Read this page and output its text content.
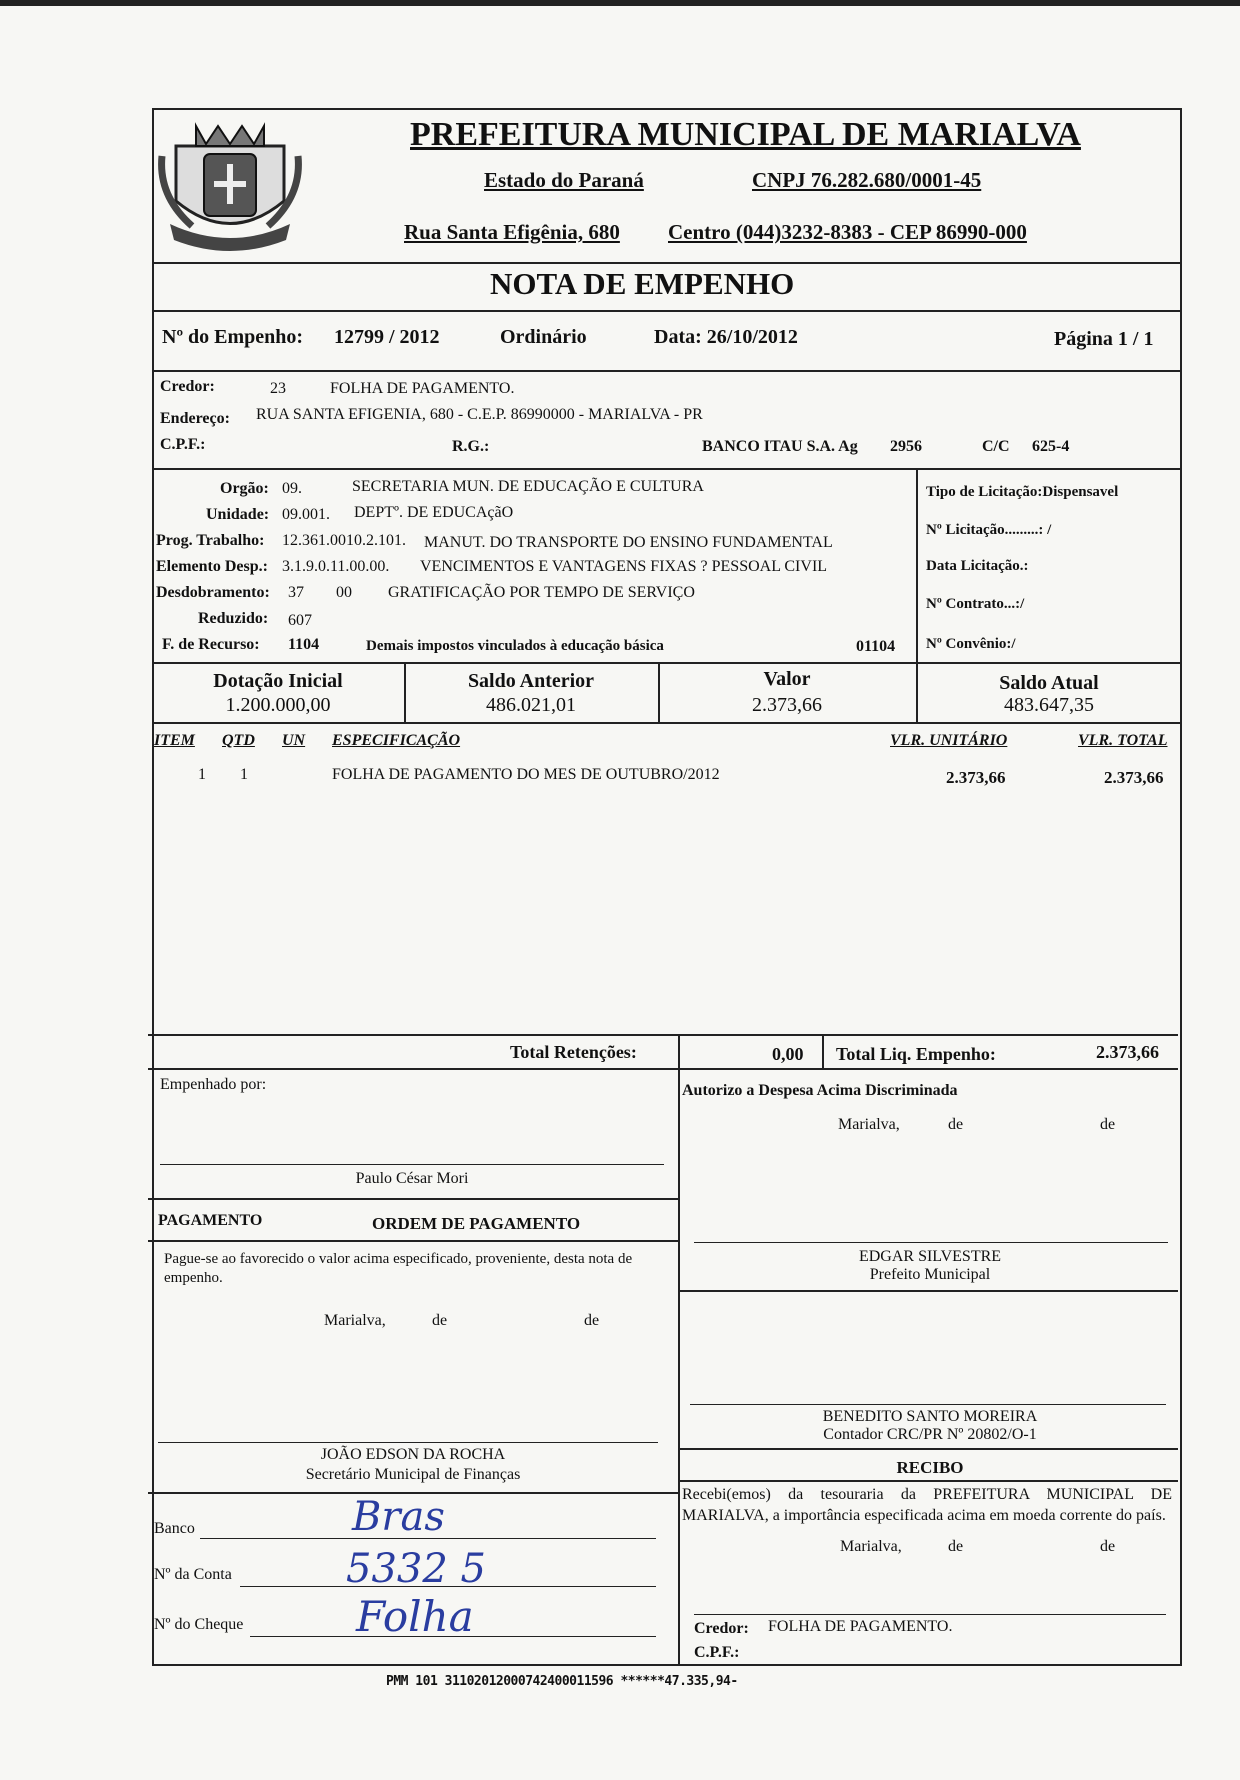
PREFEITURA MUNICIPAL DE MARIALVA
Estado do Paraná	CNPJ 76.282.680/0001-45
Rua Santa Efigênia, 680 Centro (044)3232-8383 - CEP 86990-000
NOTA DE EMPENHO
Nº do Empenho: 12799 / 2012	Ordinário	Data: 26/10/2012	Página 1 / 1
Credor:	23	FOLHA DE PAGAMENTO.
Endereço: RUA SANTA EFIGENIA, 680 - C.E.P. 86990000 - MARIALVA - PR
C.P.F.:	R.G.:	BANCO ITAU S.A. Ag 2956	C/C 625-4
Orgão: 09.	SECRETARIA MUN. DE EDUCAÇÃO E CULTURA
Unidade: 09.001. DEPTº. DE EDUCAçãO
Prog. Trabalho: 12.361.0010.2.101. MANUT. DO TRANSPORTE DO ENSINO FUNDAMENTAL
Elemento Desp.: 3.1.9.0.11.00.00. VENCIMENTOS E VANTAGENS FIXAS ? PESSOAL CIVIL
Desdobramento: 37 00 GRATIFICAÇÃO POR TEMPO DE SERVIÇO
Reduzido: 607
F. de Recurso: 1104	Demais impostos vinculados à educação básica	01104
Tipo de Licitação:Dispensavel
Nº Licitação.........: /
Data Licitação.:
Nº Contrato...:/
Nº Convênio:/
Dotação Inicial
1.200.000,00
Saldo Anterior
486.021,01
Valor
2.373,66
Saldo Atual
483.647,35
ITEM QTD UN ESPECIFICAÇÃO	VLR. UNITÁRIO	VLR. TOTAL
1 1	FOLHA DE PAGAMENTO DO MES DE OUTUBRO/2012	2.373,66	2.373,66
Total Retenções:	0,00 Total Liq. Empenho:	2.373,66
Empenhado por:
Paulo César Mori
PAGAMENTO	ORDEM DE PAGAMENTO
Pague-se ao favorecido o valor acima especificado, proveniente, desta nota de empenho.
Marialva,	de	de
JOÃO EDSON DA ROCHA
Secretário Municipal de Finanças
Banco	Bras
Nº da Conta	5332 5
Nº do Cheque	Folha
Autorizo a Despesa Acima Discriminada
Marialva,	de	de
EDGAR SILVESTRE
Prefeito Municipal
BENEDITO SANTO MOREIRA
Contador CRC/PR Nº 20802/O-1
RECIBO
Recebi(emos) da tesouraria da PREFEITURA MUNICIPAL DE MARIALVA, a importância especificada acima em moeda corrente do país.
Marialva,	de	de
Credor: FOLHA DE PAGAMENTO.
C.P.F.:
PMM 101 31102012000742400011596 ******47.335,94-
